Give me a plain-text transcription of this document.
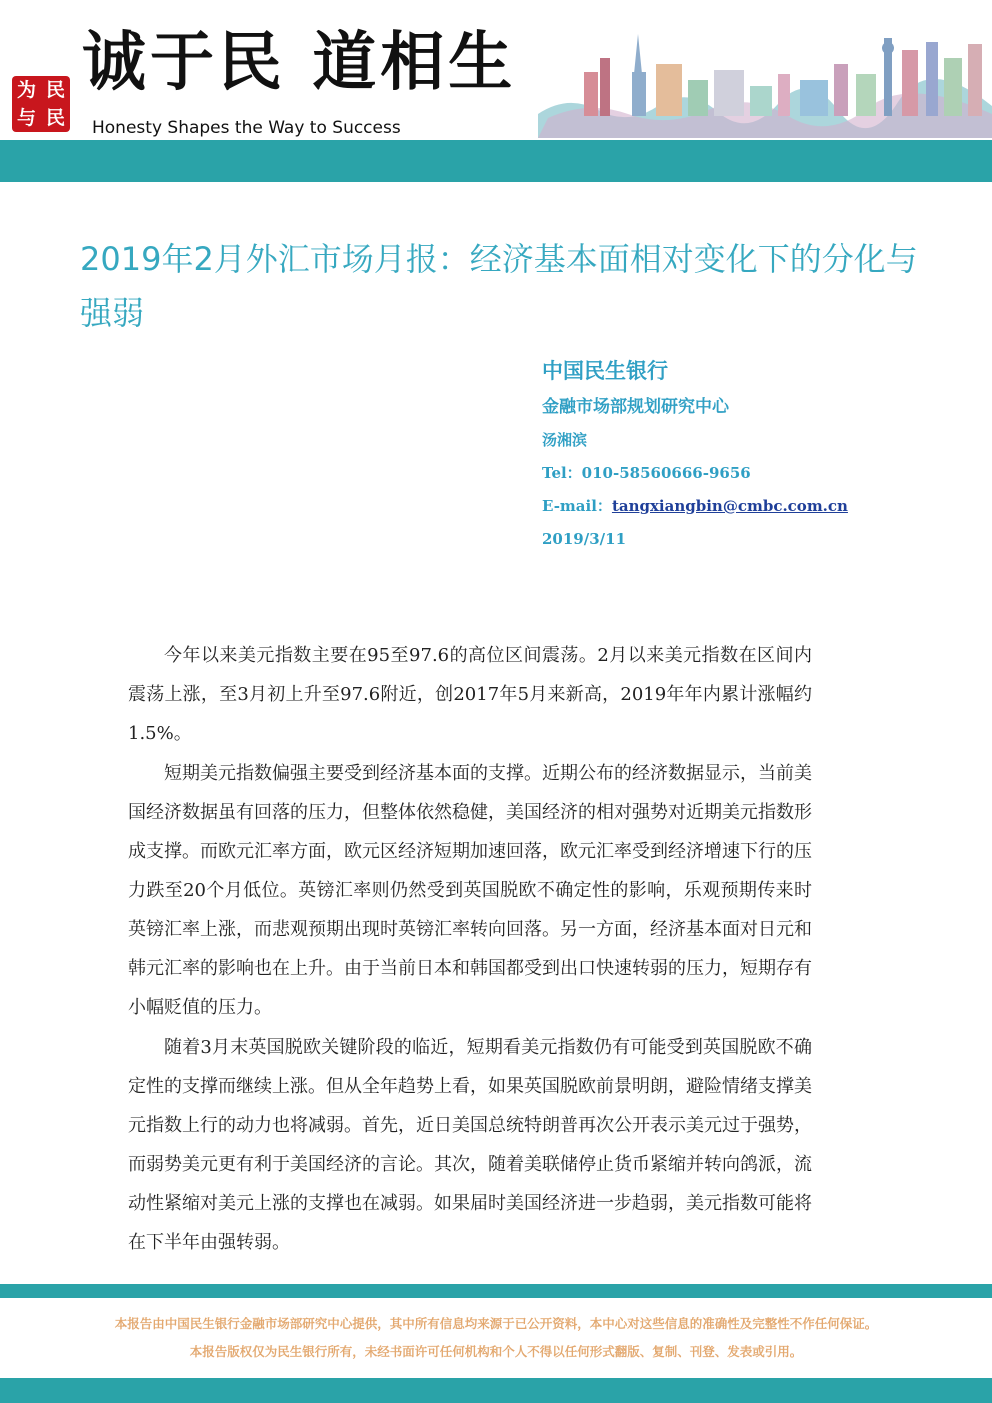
为 民
与 民
诚于民 道相生
Honesty Shapes the Way to Success
2019年2月外汇市场月报：经济基本面相对变化下的分化与强弱
中国民生银行
金融市场部规划研究中心
汤湘滨
Tel：010-58560666-9656
E-mail：tangxiangbin@cmbc.com.cn
2019/3/11

今年以来美元指数主要在95至97.6的高位区间震荡。2月以来美元指数在区间内震荡上涨，至3月初上升至97.6附近，创2017年5月来新高，2019年年内累计涨幅约1.5%。

短期美元指数偏强主要受到经济基本面的支撑。近期公布的经济数据显示，当前美国经济数据虽有回落的压力，但整体依然稳健，美国经济的相对强势对近期美元指数形成支撑。而欧元汇率方面，欧元区经济短期加速回落，欧元汇率受到经济增速下行的压力跌至20个月低位。英镑汇率则仍然受到英国脱欧不确定性的影响，乐观预期传来时英镑汇率上涨，而悲观预期出现时英镑汇率转向回落。另一方面，经济基本面对日元和韩元汇率的影响也在上升。由于当前日本和韩国都受到出口快速转弱的压力，短期存有小幅贬值的压力。

随着3月末英国脱欧关键阶段的临近，短期看美元指数仍有可能受到英国脱欧不确定性的支撑而继续上涨。但从全年趋势上看，如果英国脱欧前景明朗，避险情绪支撑美元指数上行的动力也将减弱。首先，近日美国总统特朗普再次公开表示美元过于强势，而弱势美元更有利于美国经济的言论。其次，随着美联储停止货币紧缩并转向鸽派，流动性紧缩对美元上涨的支撑也在减弱。如果届时美国经济进一步趋弱，美元指数可能将在下半年由强转弱。

本报告由中国民生银行金融市场部研究中心提供，其中所有信息均来源于已公开资料，本中心对这些信息的准确性及完整性不作任何保证。
本报告版权仅为民生银行所有，未经书面许可任何机构和个人不得以任何形式翻版、复制、刊登、发表或引用。
